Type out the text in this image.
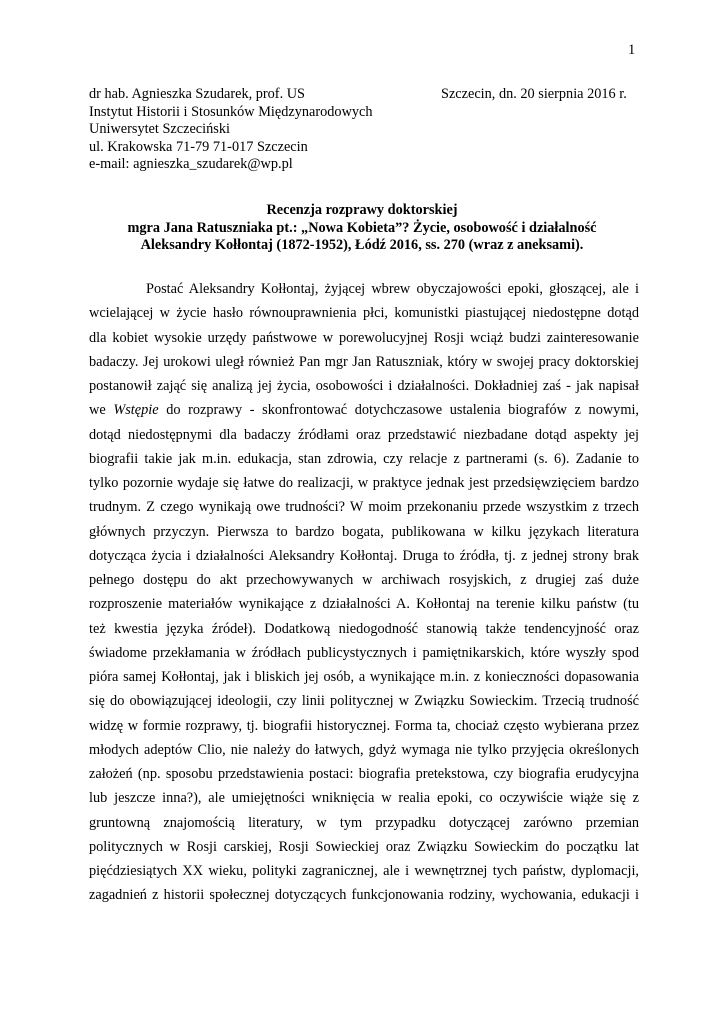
1
dr hab. Agnieszka Szudarek, prof. US
Instytut Historii i Stosunków Międzynarodowych
Uniwersytet Szczeciński
ul. Krakowska 71-79 71-017 Szczecin
e-mail: agnieszka_szudarek@wp.pl
Szczecin, dn. 20 sierpnia 2016 r.
Recenzja rozprawy doktorskiej
mgra Jana Ratuszniaka pt.: „Nowa Kobieta”? Życie, osobowość i działalność
Aleksandry Kołłontaj (1872-1952), Łódź 2016, ss. 270 (wraz z aneksami).
Postać Aleksandry Kołłontaj, żyjącej wbrew obyczajowości epoki, głoszącej, ale i
wcielającej w życie hasło równouprawnienia płci, komunistki piastującej niedostępne dotąd
dla kobiet wysokie urzędy państwowe w porewolucyjnej Rosji wciąż budzi zainteresowanie
badaczy. Jej urokowi uległ również Pan mgr Jan Ratuszniak, który w swojej pracy doktorskiej
postanowił zająć się analizą jej życia, osobowości i działalności. Dokładniej zaś - jak napisał
we Wstępie do rozprawy - skonfrontować dotychczasowe ustalenia biografów z nowymi,
dotąd niedostępnymi dla badaczy źródłami oraz przedstawić niezbadane dotąd aspekty jej
biografii takie jak m.in. edukacja, stan zdrowia, czy relacje z partnerami (s. 6). Zadanie to
tylko pozornie wydaje się łatwe do realizacji, w praktyce jednak jest przedsięwzięciem bardzo
trudnym. Z czego wynikają owe trudności? W moim przekonaniu przede wszystkim z trzech
głównych przyczyn. Pierwsza to bardzo bogata, publikowana w kilku językach literatura
dotycząca życia i działalności Aleksandry Kołłontaj. Druga to źródła, tj. z jednej strony brak
pełnego dostępu do akt przechowywanych w archiwach rosyjskich, z drugiej zaś duże
rozproszenie materiałów wynikające z działalności A. Kołłontaj na terenie kilku państw (tu
też kwestia języka źródeł). Dodatkową niedogodność stanowią także tendencyjność oraz
świadome przekłamania w źródłach publicystycznych i pamiętnikarskich, które wyszły spod
pióra samej Kołłontaj, jak i bliskich jej osób, a wynikające m.in. z konieczności dopasowania
się do obowiązującej ideologii, czy linii politycznej w Związku Sowieckim. Trzecią trudność
widzę w formie rozprawy, tj. biografii historycznej. Forma ta, chociaż często wybierana przez
młodych adeptów Clio, nie należy do łatwych, gdyż wymaga nie tylko przyjęcia określonych
założeń (np. sposobu przedstawienia postaci: biografia pretekstowa, czy biografia erudycyjna
lub jeszcze inna?), ale umiejętności wniknięcia w realia epoki, co oczywiście wiąże się z
gruntowną znajomością literatury, w tym przypadku dotyczącej zarówno przemian
politycznych w Rosji carskiej, Rosji Sowieckiej oraz Związku Sowieckim do początku lat
pięćdziesiątych XX wieku, polityki zagranicznej, ale i wewnętrznej tych państw, dyplomacji,
zagadnień z historii społecznej dotyczących funkcjonowania rodziny, wychowania, edukacji i
